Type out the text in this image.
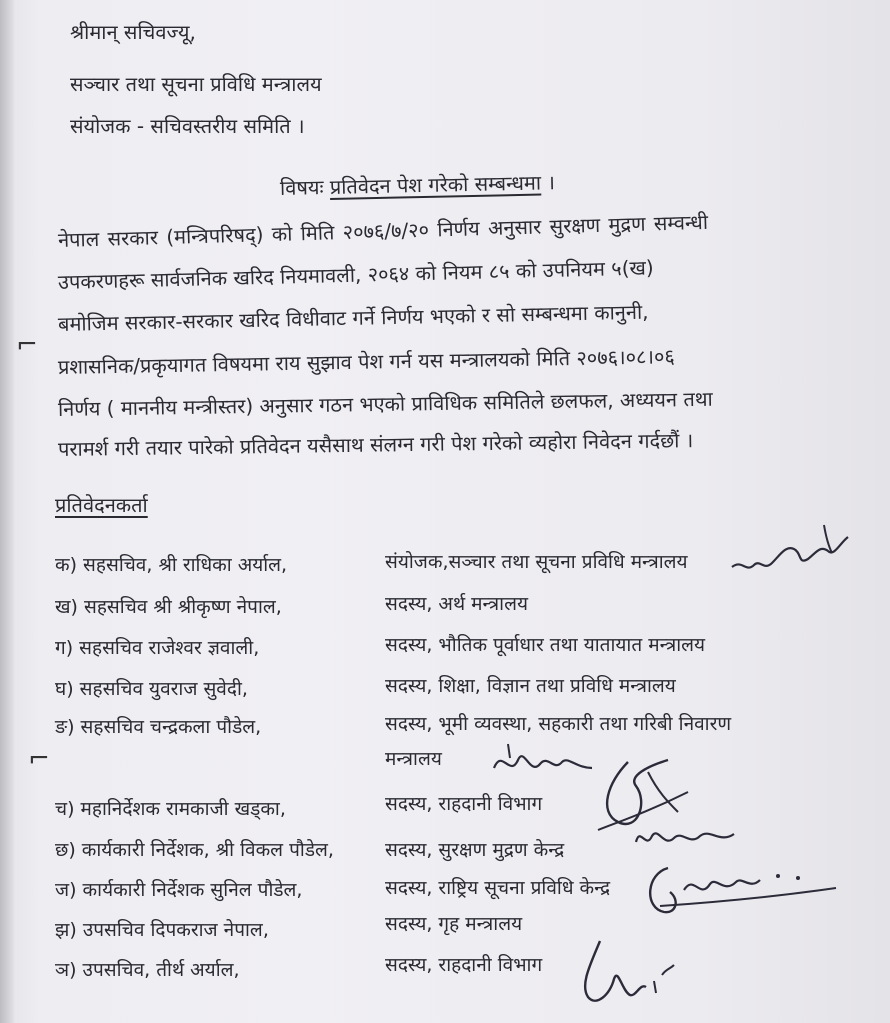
श्रीमान् सचिवज्यू,
सञ्चार तथा सूचना प्रविधि मन्त्रालय
संयोजक - सचिवस्तरीय समिति ।
विषयः प्रतिवेदन पेश गरेको सम्बन्धमा ।
नेपाल सरकार (मन्त्रिपरिषद्) को मिति २०७६/७/२० निर्णय अनुसार सुरक्षण मुद्रण सम्वन्धी
उपकरणहरू सार्वजनिक खरिद नियमावली, २०६४ को नियम ८५ को उपनियम ५(ख)
बमोजिम सरकार-सरकार खरिद विधीवाट गर्ने निर्णय भएको र सो सम्बन्धमा कानुनी,
प्रशासनिक/प्रकृयागत विषयमा राय सुझाव पेश गर्न यस मन्त्रालयको मिति २०७६।०८।०६
निर्णय ( माननीय मन्त्रीस्तर) अनुसार गठन भएको प्राविधिक समितिले छलफल, अध्ययन तथा
परामर्श गरी तयार पारेको प्रतिवेदन यसैसाथ संलग्न गरी पेश गरेको व्यहोरा निवेदन गर्दछौं ।
⌐
⌐
प्रतिवेदनकर्ता
क) सहसचिव, श्री राधिका अर्याल,	संयोजक,सञ्चार तथा सूचना प्रविधि मन्त्रालय
ख) सहसचिव श्री श्रीकृष्ण नेपाल,	सदस्य, अर्थ मन्त्रालय
ग) सहसचिव राजेश्वर ज्ञवाली,	सदस्य, भौतिक पूर्वाधार तथा यातायात मन्त्रालय
घ) सहसचिव युवराज सुवेदी,	सदस्य, शिक्षा, विज्ञान तथा प्रविधि मन्त्रालय
ङ) सहसचिव चन्द्रकला पौडेल,	सदस्य, भूमी व्यवस्था, सहकारी तथा गरिबी निवारण
मन्त्रालय
च) महानिर्देशक रामकाजी खड्का,	सदस्य, राहदानी विभाग
छ) कार्यकारी निर्देशक, श्री विकल पौडेल,	सदस्य, सुरक्षण मुद्रण केन्द्र
ज) कार्यकारी निर्देशक सुनिल पौडेल,	सदस्य, राष्ट्रिय सूचना प्रविधि केन्द्र
झ) उपसचिव दिपकराज नेपाल,	सदस्य, गृह मन्त्रालय
ञ) उपसचिव, तीर्थ अर्याल,	सदस्य, राहदानी विभाग
